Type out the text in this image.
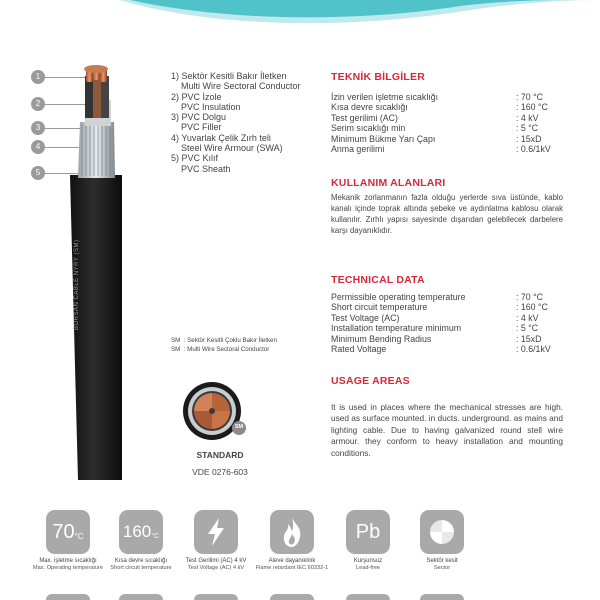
1
2
3
4
5
BORSAN CABLE NYRY (SM)
1) Sektör Kesitli Bakır İletken
Multi Wire Sectoral Conductor
2) PVC İzole
PVC Insulation
3) PVC Dolgu
PVC Filler
4) Yuvarlak Çelik Zırh teli
Steel Wire Armour (SWA)
5) PVC Kılıf
PVC Sheath
SM : Sektör Kesitli Çoklu Bakır İletken
SM : Multi Wire Sectoral Conductor
SM
STANDARD
VDE 0276-603
TEKNİK BİLGİLER
İzin verilen işletme sıcaklığı	: 70 °C
Kısa devre sıcaklığı	: 160 °C
Test gerilimi (AC)	: 4 kV
Serim sıcaklığı min	: 5 °C
Minimum Bükme Yarı Çapı	: 15xD
Anma gerilimi	: 0.6/1kV
KULLANIM ALANLARI
Mekanik zorlanmanın fazla olduğu yerlerde sıva üstünde, kablo kanalı içinde toprak altında şebeke ve aydınlatma kablosu olarak kullanılır. Zırhlı yapısı sayesinde dışarıdan gelebilecek darbelere karşı dayanıklıdır.
TECHNICAL DATA
Permissible operating temperature	: 70 °C
Short circuit temperature	: 160 °C
Test Voltage (AC)	: 4 kV
Installation temperature minimum	: 5 °C
Minimum Bending Radius	: 15xD
Rated Voltage	: 0.6/1kV
USAGE AREAS
It is used in places where the mechanical stresses are high. used as surface mounted. in ducts. underground. as mains and lighting cable. Due to having galvanized round stell wire armour. they conform to heavy installation and mounting conditions.
70 °C
Max. işletme sıcaklığı
Max. Operating temperature
160 °C
Kısa devre sıcaklığı
Short circuit temperature
Test Gerilimi (AC) 4 kV
Test Voltage (AC) 4 kV
Aleve dayanıklılık
Flame retardant IEC 60332-1
Pb
Kurşunsuz
Lead-free
Sektör kesit
Sector
